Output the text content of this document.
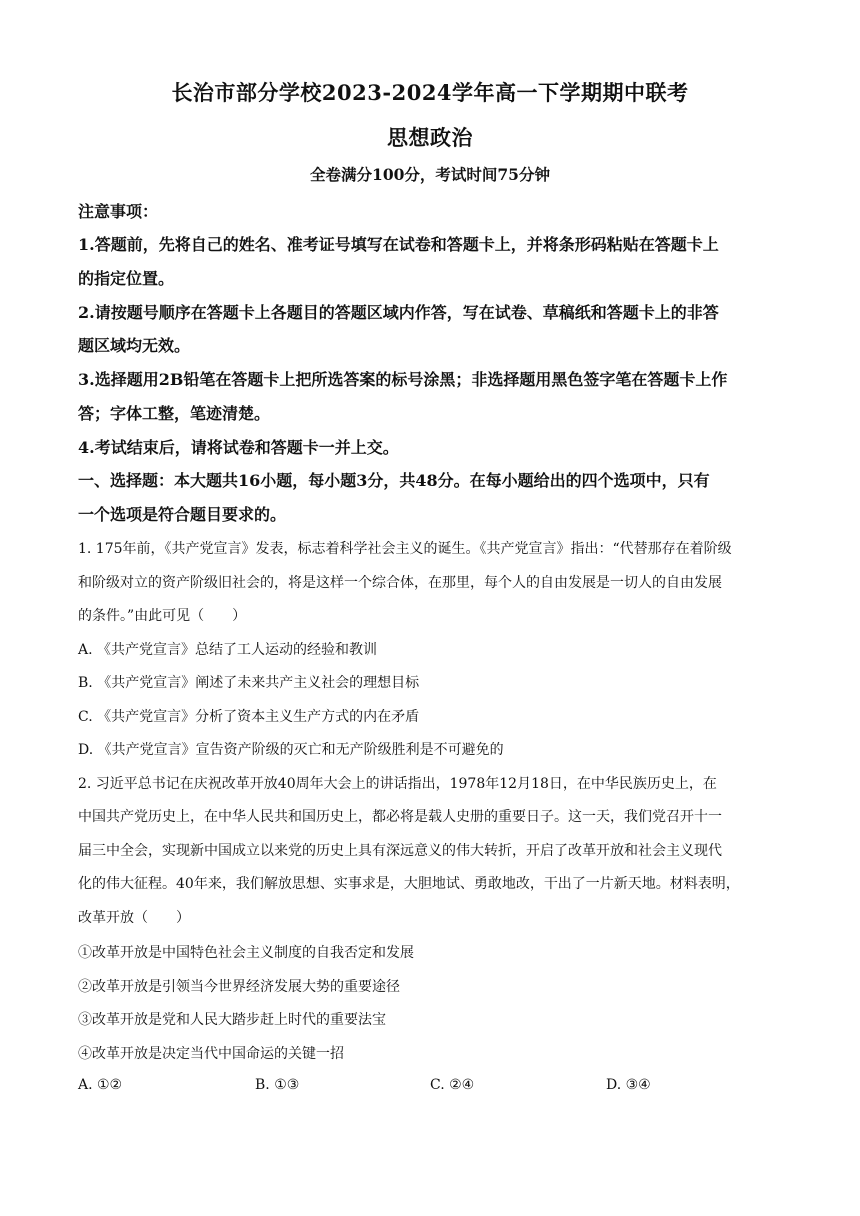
长治市部分学校2023-2024学年高一下学期期中联考
思想政治
全卷满分100分，考试时间75分钟
注意事项：
1.答题前，先将自己的姓名、准考证号填写在试卷和答题卡上，并将条形码粘贴在答题卡上
的指定位置。
2.请按题号顺序在答题卡上各题目的答题区域内作答，写在试卷、草稿纸和答题卡上的非答
题区域均无效。
3.选择题用2B铅笔在答题卡上把所选答案的标号涂黑；非选择题用黑色签字笔在答题卡上作
答；字体工整，笔迹清楚。
4.考试结束后，请将试卷和答题卡一并上交。
一、选择题：本大题共16小题，每小题3分，共48分。在每小题给出的四个选项中，只有
一个选项是符合题目要求的。
1. 175年前，《共产党宣言》发表，标志着科学社会主义的诞生。《共产党宣言》指出：“代替那存在着阶级
和阶级对立的资产阶级旧社会的，将是这样一个综合体，在那里，每个人的自由发展是一切人的自由发展
的条件。”由此可见（　　）
A. 《共产党宣言》总结了工人运动的经验和教训
B. 《共产党宣言》阐述了未来共产主义社会的理想目标
C. 《共产党宣言》分析了资本主义生产方式的内在矛盾
D. 《共产党宣言》宣告资产阶级的灭亡和无产阶级胜利是不可避免的
2. 习近平总书记在庆祝改革开放40周年大会上的讲话指出，1978年12月18日，在中华民族历史上，在
中国共产党历史上，在中华人民共和国历史上，都必将是载人史册的重要日子。这一天，我们党召开十一
届三中全会，实现新中国成立以来党的历史上具有深远意义的伟大转折，开启了改革开放和社会主义现代
化的伟大征程。40年来，我们解放思想、实事求是，大胆地试、勇敢地改，干出了一片新天地。材料表明，
改革开放（　　）
①改革开放是中国特色社会主义制度的自我否定和发展
②改革开放是引领当今世界经济发展大势的重要途径
③改革开放是党和人民大踏步赶上时代的重要法宝
④改革开放是决定当代中国命运的关键一招
A. ①②	B. ①③	C. ②④	D. ③④
